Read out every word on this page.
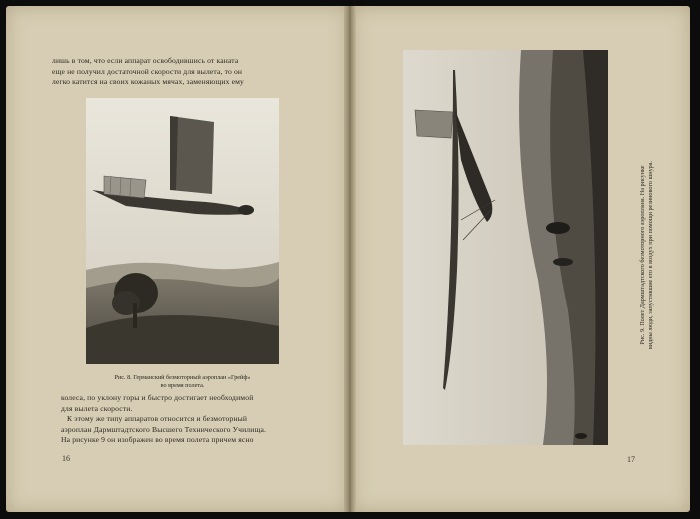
лишь в том, что если аппарат освободившись от каната
еще не получил достаточной скорости для вылета, то он
легко катится на своих кожаных мячах, заменяющих ему
Рис. 8. Германский безмоторный аэроплан «Грейф»
во время полета.
колеса, по уклону горы и быстро достигает необходимой
для вылета скорости.
К этому же типу аппаратов относится и безмоторный
аэроплан Дармштадтского Высшего Технического Училища.
На рисунке 9 он изображен во время полета причем ясно
16
Рис. 9. Полет Дармштадтского безмоторного аэроплана. На рисунке видны люди, запустившие его в воздух при помощи резинового шнура.
17
